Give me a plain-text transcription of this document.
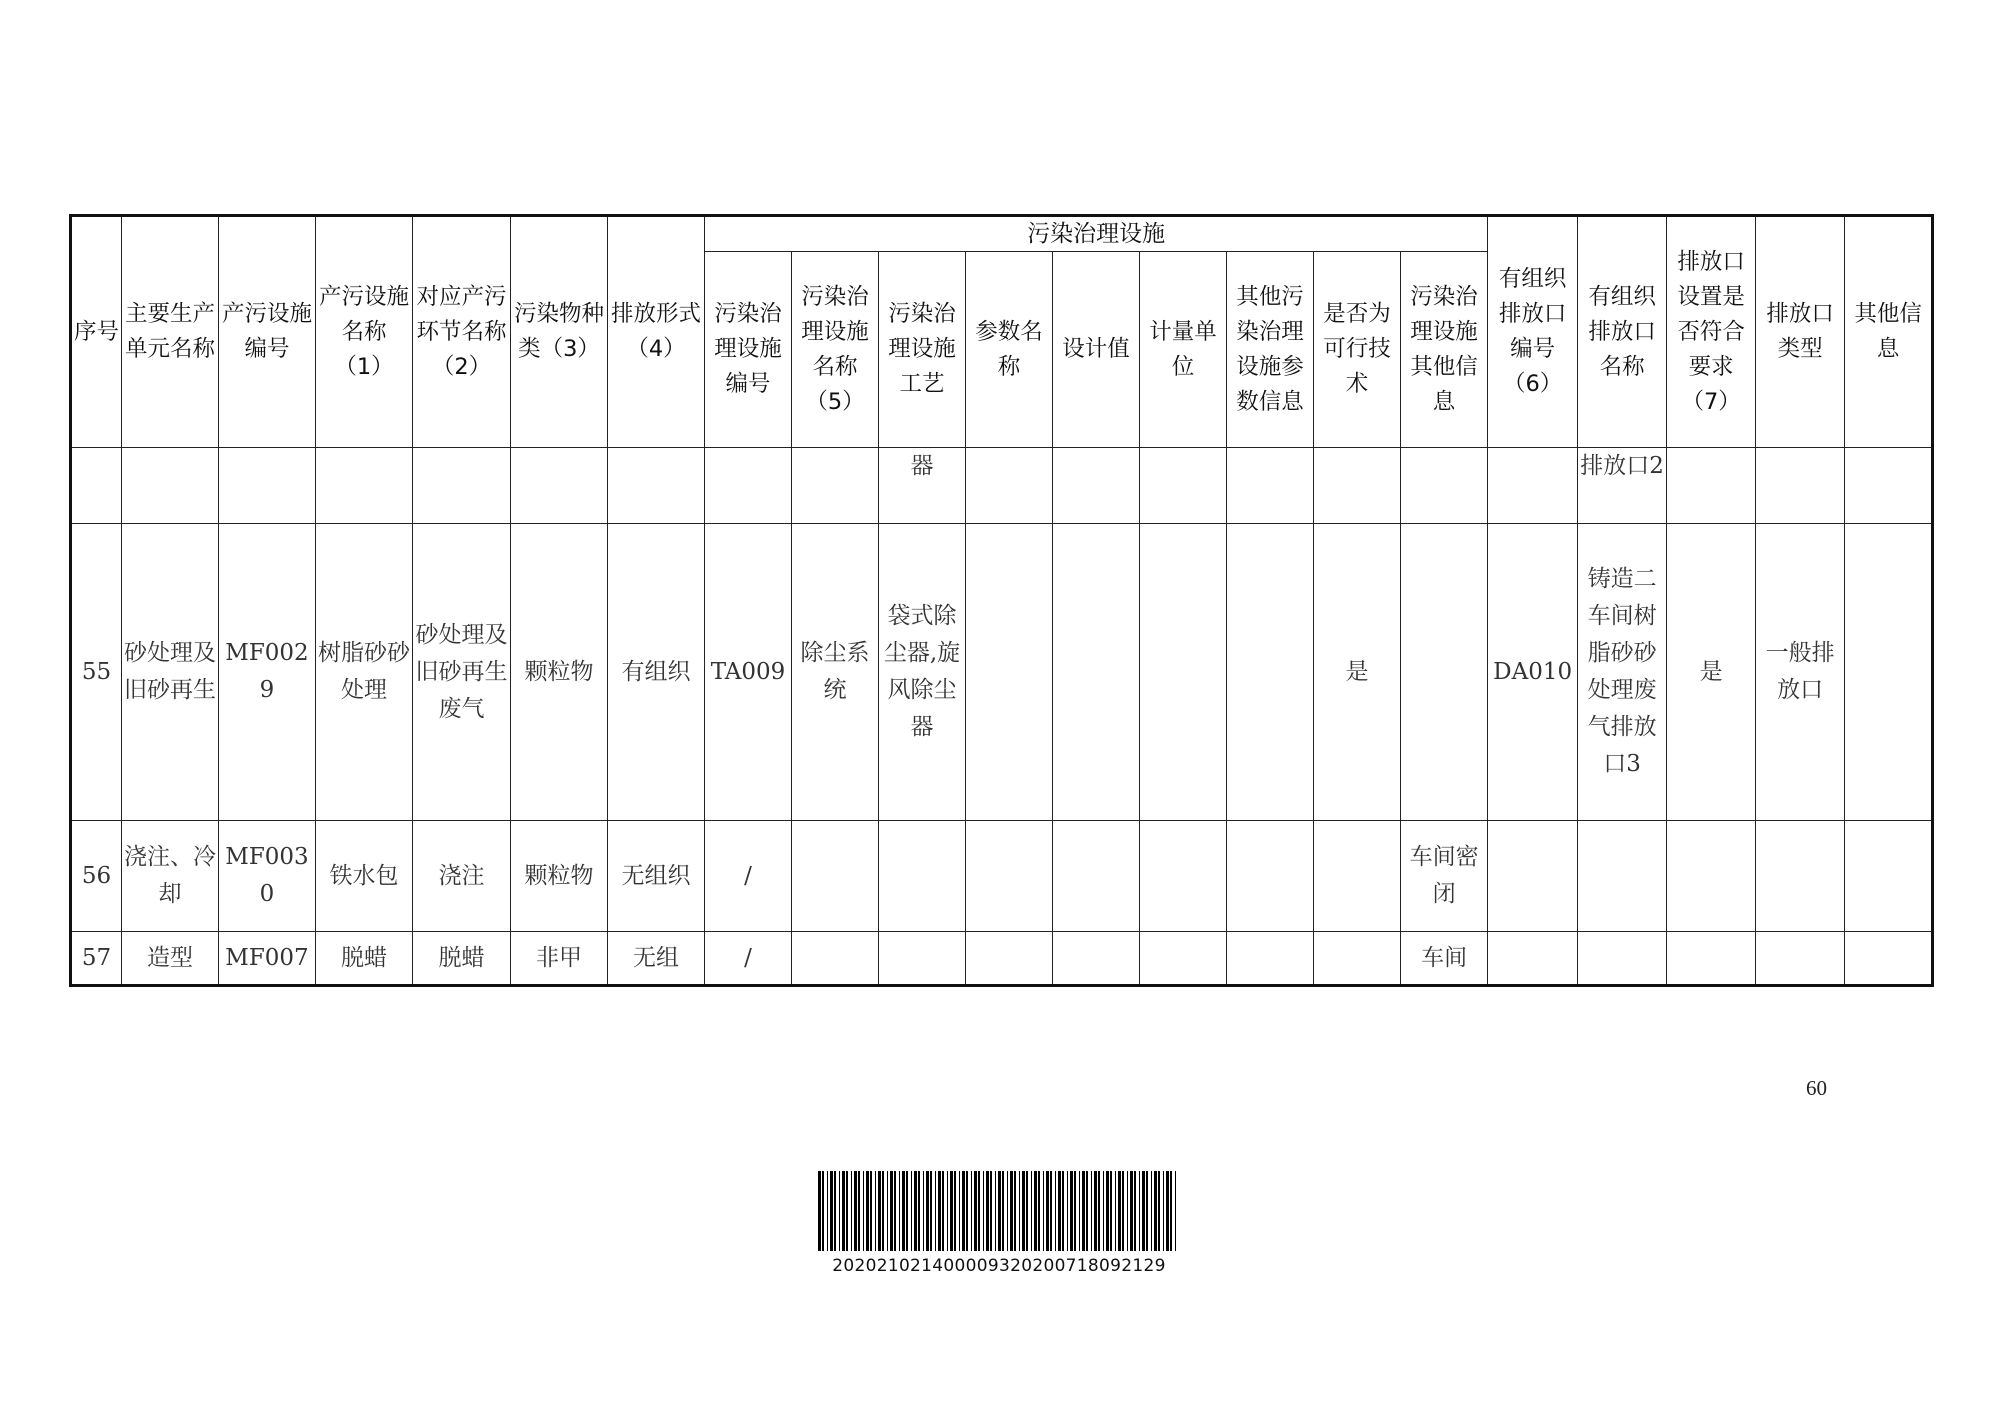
序号	主要生产单元名称	产污设施编号	产污设施名称（1）	对应产污环节名称（2）	污染物种类（3）	排放形式（4）	污染治理设施									有组织排放口编号（6）	有组织排放口名称	排放口设置是否符合要求（7）	排放口类型	其他信息
							污染治理设施编号	污染治理设施名称（5）	污染治理设施工艺	参数名称	设计值	计量单位	其他污染治理设施参数信息	是否为可行技术	污染治理设施其他信息					
									器								排放口2			
55	砂处理及旧砂再生	MF0029	树脂砂砂处理	砂处理及旧砂再生废气	颗粒物	有组织	TA009	除尘系统	袋式除尘器,旋风除尘器					是		DA010	铸造二车间树脂砂砂处理废气排放口3	是	一般排放口	
56	浇注、冷却	MF0030	铁水包	浇注	颗粒物	无组织	/								车间密闭					
57	造型	MF007	脱蜡	脱蜡	非甲	无组	/								车间					
60
202021021400009320200718092129
